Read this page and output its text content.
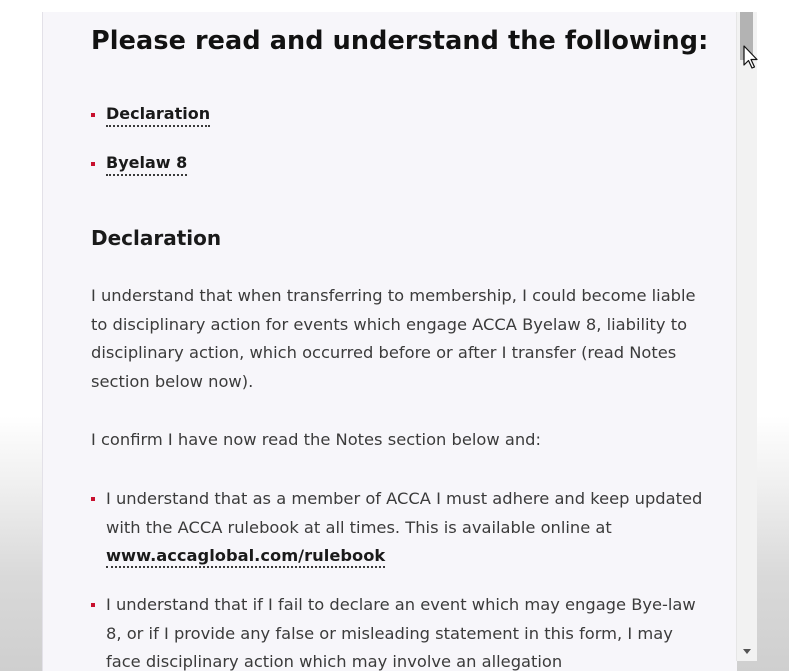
Please read and understand the following:
Declaration
Byelaw 8
Declaration

I understand that when transferring to membership, I could become liable to disciplinary action for events which engage ACCA Byelaw 8, liability to disciplinary action, which occurred before or after I transfer (read Notes section below now).

I confirm I have now read the Notes section below and:

I understand that as a member of ACCA I must adhere and keep updated with the ACCA rulebook at all times. This is available online at www.accaglobal.com/rulebook

I understand that if I fail to declare an event which may engage Bye-law 8, or if I provide any false or misleading statement in this form, I may face disciplinary action which may involve an allegation
